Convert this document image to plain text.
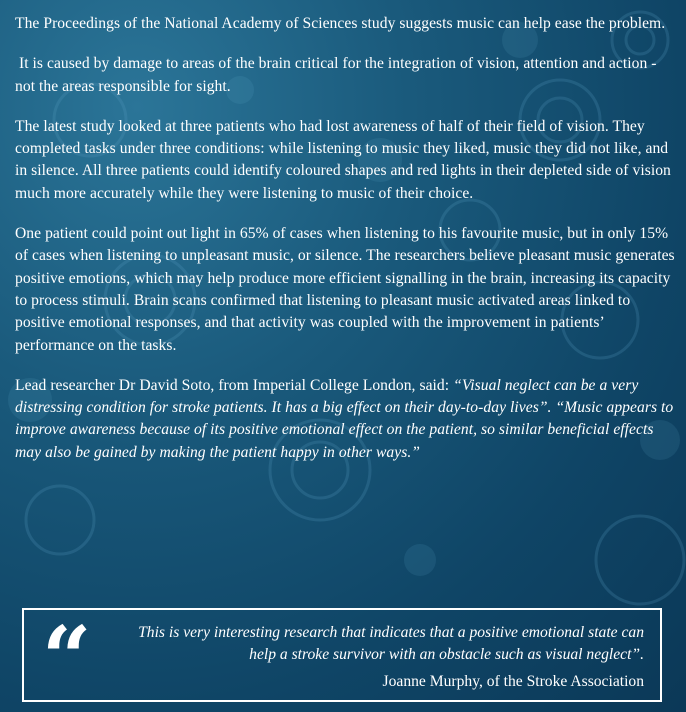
The Proceedings of the National Academy of Sciences study suggests music can help ease the problem.

It is caused by damage to areas of the brain critical for the integration of vision, attention and action - not the areas responsible for sight.

The latest study looked at three patients who had lost awareness of half of their field of vision. They completed tasks under three conditions: while listening to music they liked, music they did not like, and in silence. All three patients could identify coloured shapes and red lights in their depleted side of vision much more accurately while they were listening to music of their choice.

One patient could point out light in 65% of cases when listening to his favourite music, but in only 15% of cases when listening to unpleasant music, or silence. The researchers believe pleasant music generates positive emotions, which may help produce more efficient signalling in the brain, increasing its capacity to process stimuli. Brain scans confirmed that listening to pleasant music activated areas linked to positive emotional responses, and that activity was coupled with the improvement in patients’ performance on the tasks.

Lead researcher Dr David Soto, from Imperial College London, said: “Visual neglect can be a very distressing condition for stroke patients. It has a big effect on their day-to-day lives”. “Music appears to improve awareness because of its positive emotional effect on the patient, so similar beneficial effects may also be gained by making the patient happy in other ways.”

“	This is very interesting research that indicates that a positive emotional state can help a stroke survivor with an obstacle such as visual neglect”.
Joanne Murphy, of the Stroke Association
